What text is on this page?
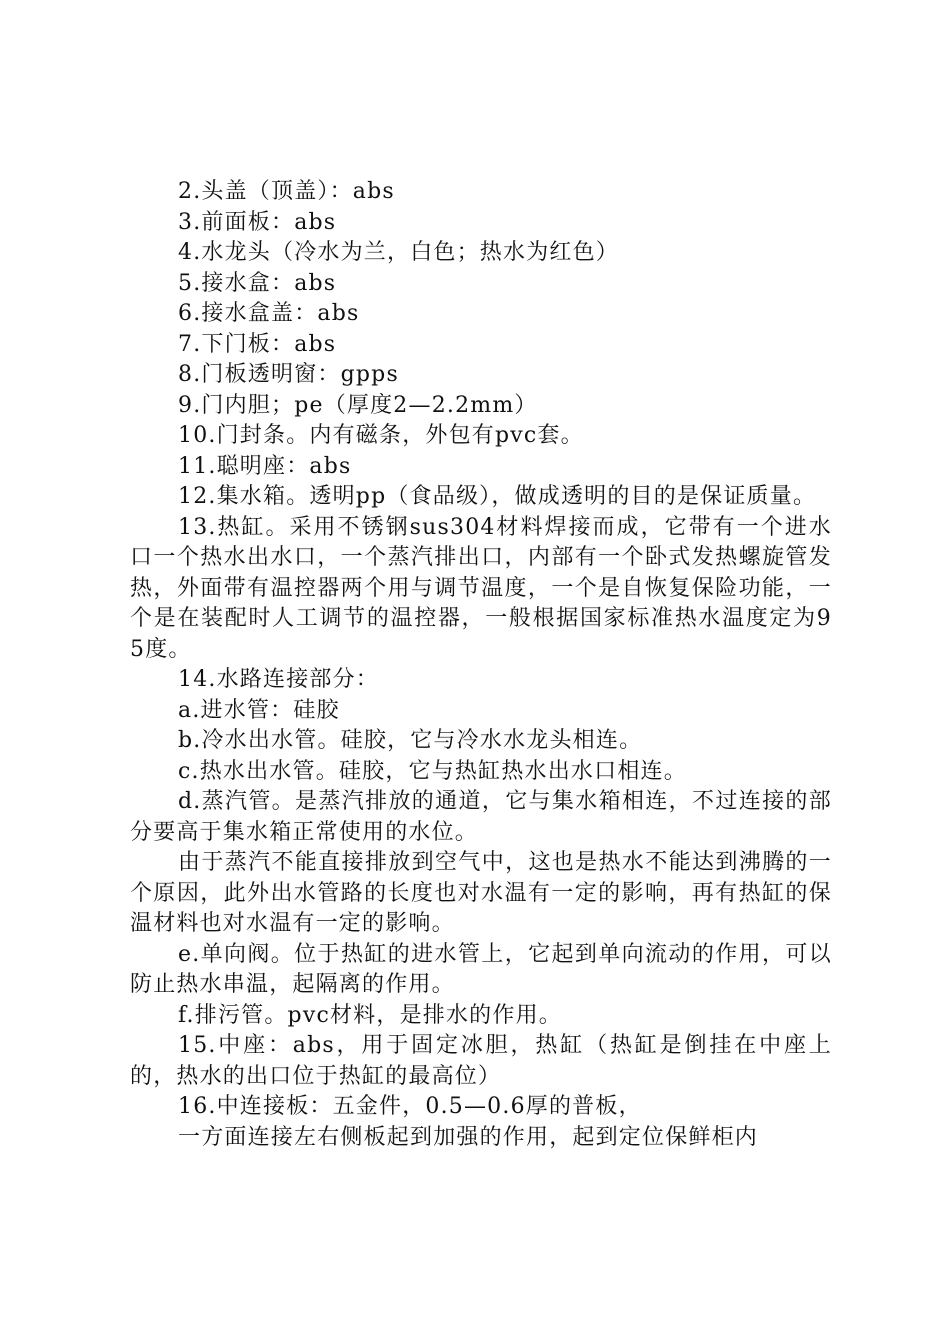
2.头盖（顶盖）：abs

3.前面板：abs

4.水龙头（冷水为兰，白色；热水为红色）

5.接水盒：abs

6.接水盒盖：abs

7.下门板：abs

8.门板透明窗：gpps

9.门内胆；pe（厚度2—2.2mm）

10.门封条。内有磁条，外包有pvc套。

11.聪明座：abs

12.集水箱。透明pp（食品级），做成透明的目的是保证质量。

13.热缸。采用不锈钢sus304材料焊接而成，它带有一个进水口一个热水出水口，一个蒸汽排出口，内部有一个卧式发热螺旋管发热，外面带有温控器两个用与调节温度，一个是自恢复保险功能，一个是在装配时人工调节的温控器，一般根据国家标准热水温度定为95度。

14.水路连接部分：

a.进水管：硅胶

b.冷水出水管。硅胶，它与冷水水龙头相连。

c.热水出水管。硅胶，它与热缸热水出水口相连。

d.蒸汽管。是蒸汽排放的通道，它与集水箱相连，不过连接的部分要高于集水箱正常使用的水位。

由于蒸汽不能直接排放到空气中，这也是热水不能达到沸腾的一个原因，此外出水管路的长度也对水温有一定的影响，再有热缸的保温材料也对水温有一定的影响。

e.单向阀。位于热缸的进水管上，它起到单向流动的作用，可以防止热水串温，起隔离的作用。

f.排污管。pvc材料，是排水的作用。

15.中座：abs，用于固定冰胆，热缸（热缸是倒挂在中座上的，热水的出口位于热缸的最高位）

16.中连接板：五金件，0.5—0.6厚的普板，

一方面连接左右侧板起到加强的作用，起到定位保鲜柜内
